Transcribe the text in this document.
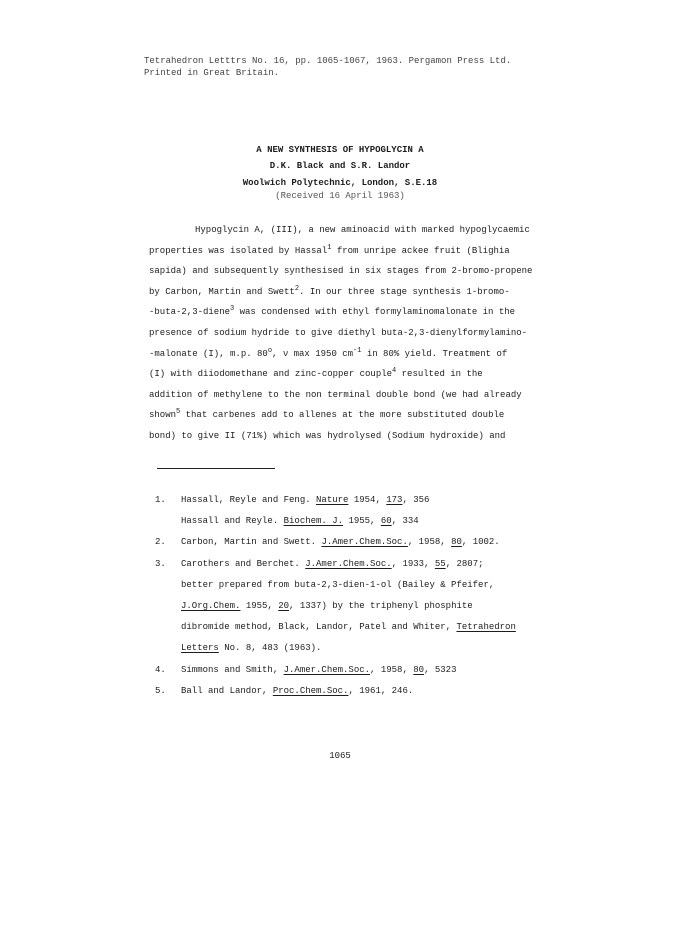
Tetrahedron Letttrs No. 16, pp. 1065-1067, 1963. Pergamon Press Ltd.
Printed in Great Britain.
A NEW SYNTHESIS OF HYPOGLYCIN A
D.K. Black and S.R. Landor
Woolwich Polytechnic, London, S.E.18
(Received 16 April 1963)
Hypoglycin A, (III), a new aminoacid with marked hypoglycaemic
properties was isolated by Hassal$^1$ from unripe ackee fruit (Blighia
sapida) and subsequently synthesised in six stages from 2-bromo-propene
by Carbon, Martin and Swett$^2$. In our three stage synthesis 1-bromo-
-buta-2,3-diene$^3$ was condensed with ethyl formylaminomalonate in the
presence of sodium hydride to give diethyl buta-2,3-dienylformylamino-
-malonate (I), m.p. 80$^o$, ν max 1950 $cm^{-1}$ in 80% yield. Treatment of
(I) with diiodomethane and zinc-copper couple$^4$ resulted in the
addition of methylene to the non terminal double bond (we had already
shown$^5$ that carbenes add to allenes at the more substituted double
bond) to give II (71%) which was hydrolysed (Sodium hydroxide) and
1.	Hassall, Reyle and Feng. Nature 1954, 173, 356
Hassall and Reyle. Biochem. J. 1955, 60, 334
2.	Carbon, Martin and Swett. J.Amer.Chem.Soc., 1958, 80, 1002.
3.	Carothers and Berchet. J.Amer.Chem.Soc., 1933, 55, 2807;
better prepared from buta-2,3-dien-1-ol (Bailey & Pfeifer,
J.Org.Chem. 1955, 20, 1337) by the triphenyl phosphite
dibromide method, Black, Landor, Patel and Whiter, Tetrahedron
Letters No. 8, 483 (1963).
4.	Simmons and Smith, J.Amer.Chem.Soc., 1958, 80, 5323
5.	Ball and Landor, Proc.Chem.Soc., 1961, 246.
1065
